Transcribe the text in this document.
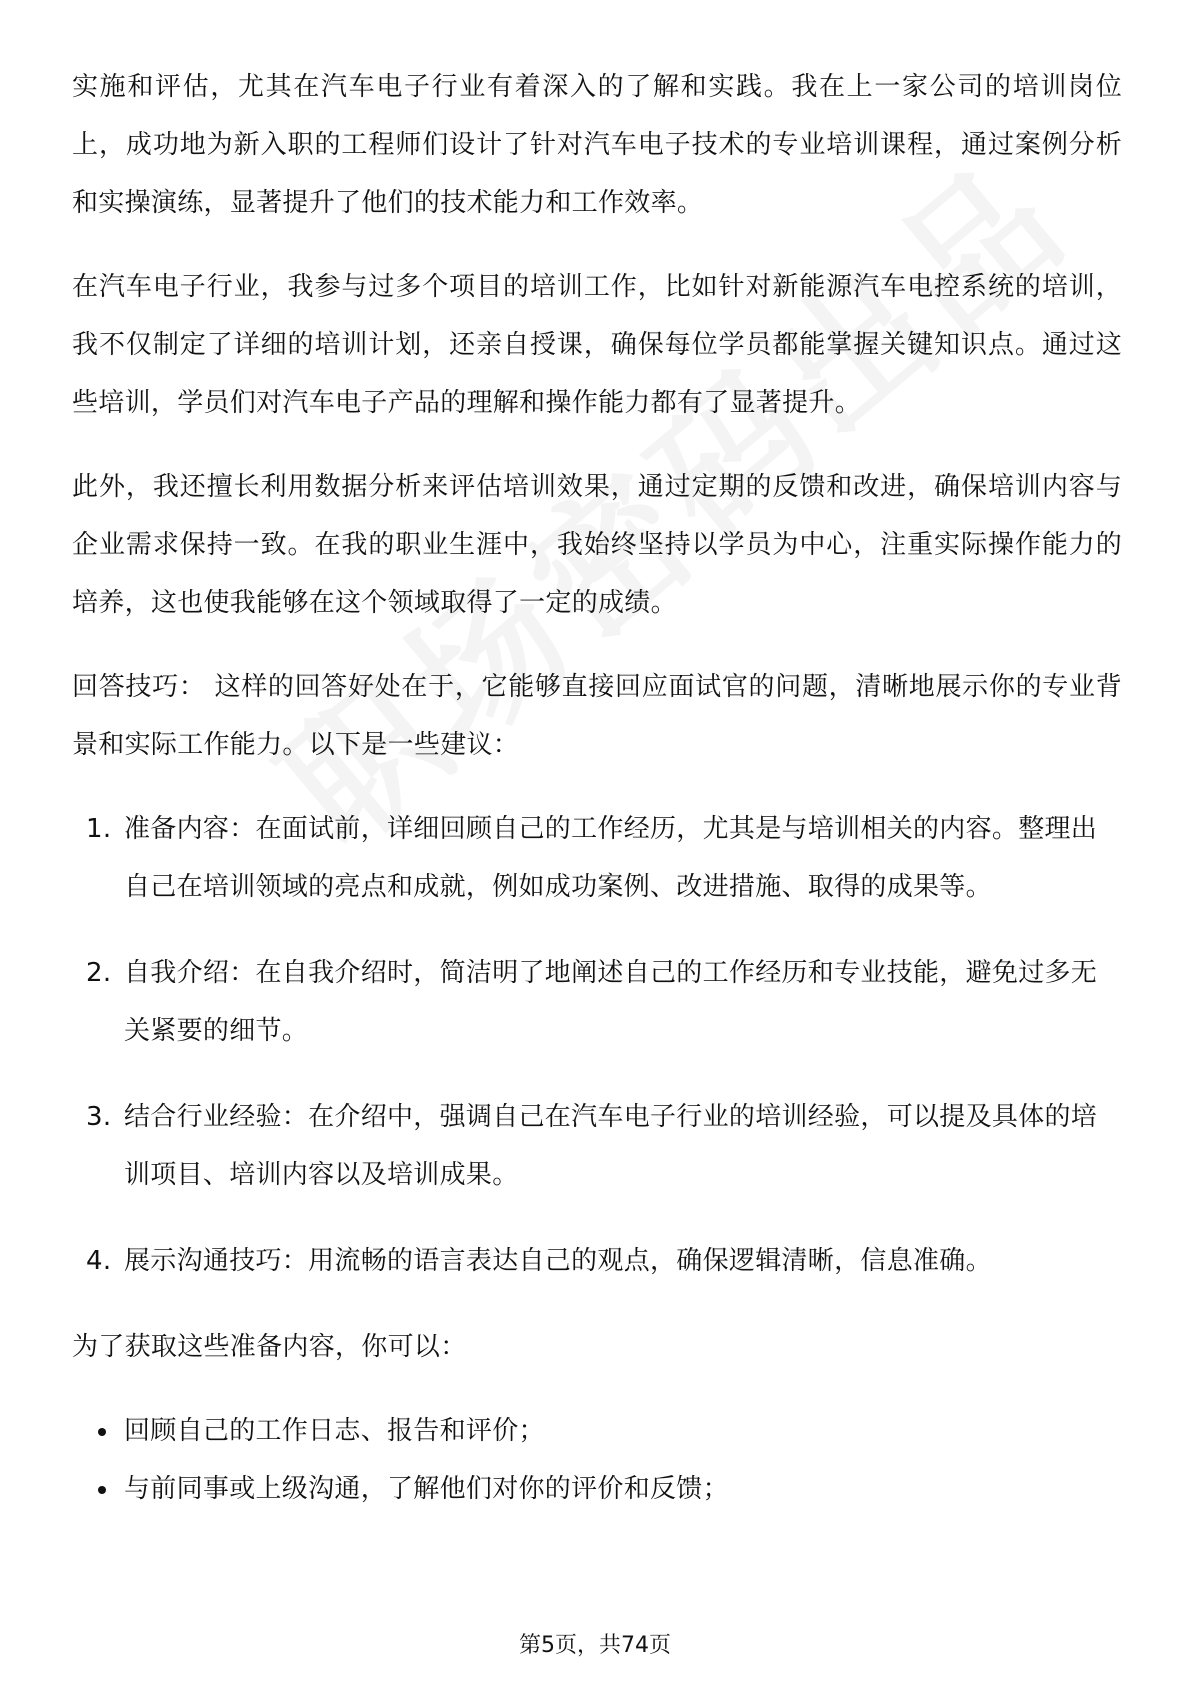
实施和评估，尤其在汽车电子行业有着深入的了解和实践。我在上一家公司的培训岗位上，成功地为新入职的工程师们设计了针对汽车电子技术的专业培训课程，通过案例分析和实操演练，显著提升了他们的技术能力和工作效率。

在汽车电子行业，我参与过多个项目的培训工作，比如针对新能源汽车电控系统的培训，我不仅制定了详细的培训计划，还亲自授课，确保每位学员都能掌握关键知识点。通过这些培训，学员们对汽车电子产品的理解和操作能力都有了显著提升。

此外，我还擅长利用数据分析来评估培训效果，通过定期的反馈和改进，确保培训内容与企业需求保持一致。在我的职业生涯中，我始终坚持以学员为中心，注重实际操作能力的培养，这也使我能够在这个领域取得了一定的成绩。

回答技巧： 这样的回答好处在于，它能够直接回应面试官的问题，清晰地展示你的专业背景和实际工作能力。以下是一些建议：

1. 准备内容：在面试前，详细回顾自己的工作经历，尤其是与培训相关的内容。整理出自己在培训领域的亮点和成就，例如成功案例、改进措施、取得的成果等。
2. 自我介绍：在自我介绍时，简洁明了地阐述自己的工作经历和专业技能，避免过多无关紧要的细节。
3. 结合行业经验：在介绍中，强调自己在汽车电子行业的培训经验，可以提及具体的培训项目、培训内容以及培训成果。
4. 展示沟通技巧：用流畅的语言表达自己的观点，确保逻辑清晰，信息准确。

为了获取这些准备内容，你可以：

回顾自己的工作日志、报告和评价；
与前同事或上级沟通，了解他们对你的评价和反馈；
第5页，共74页
